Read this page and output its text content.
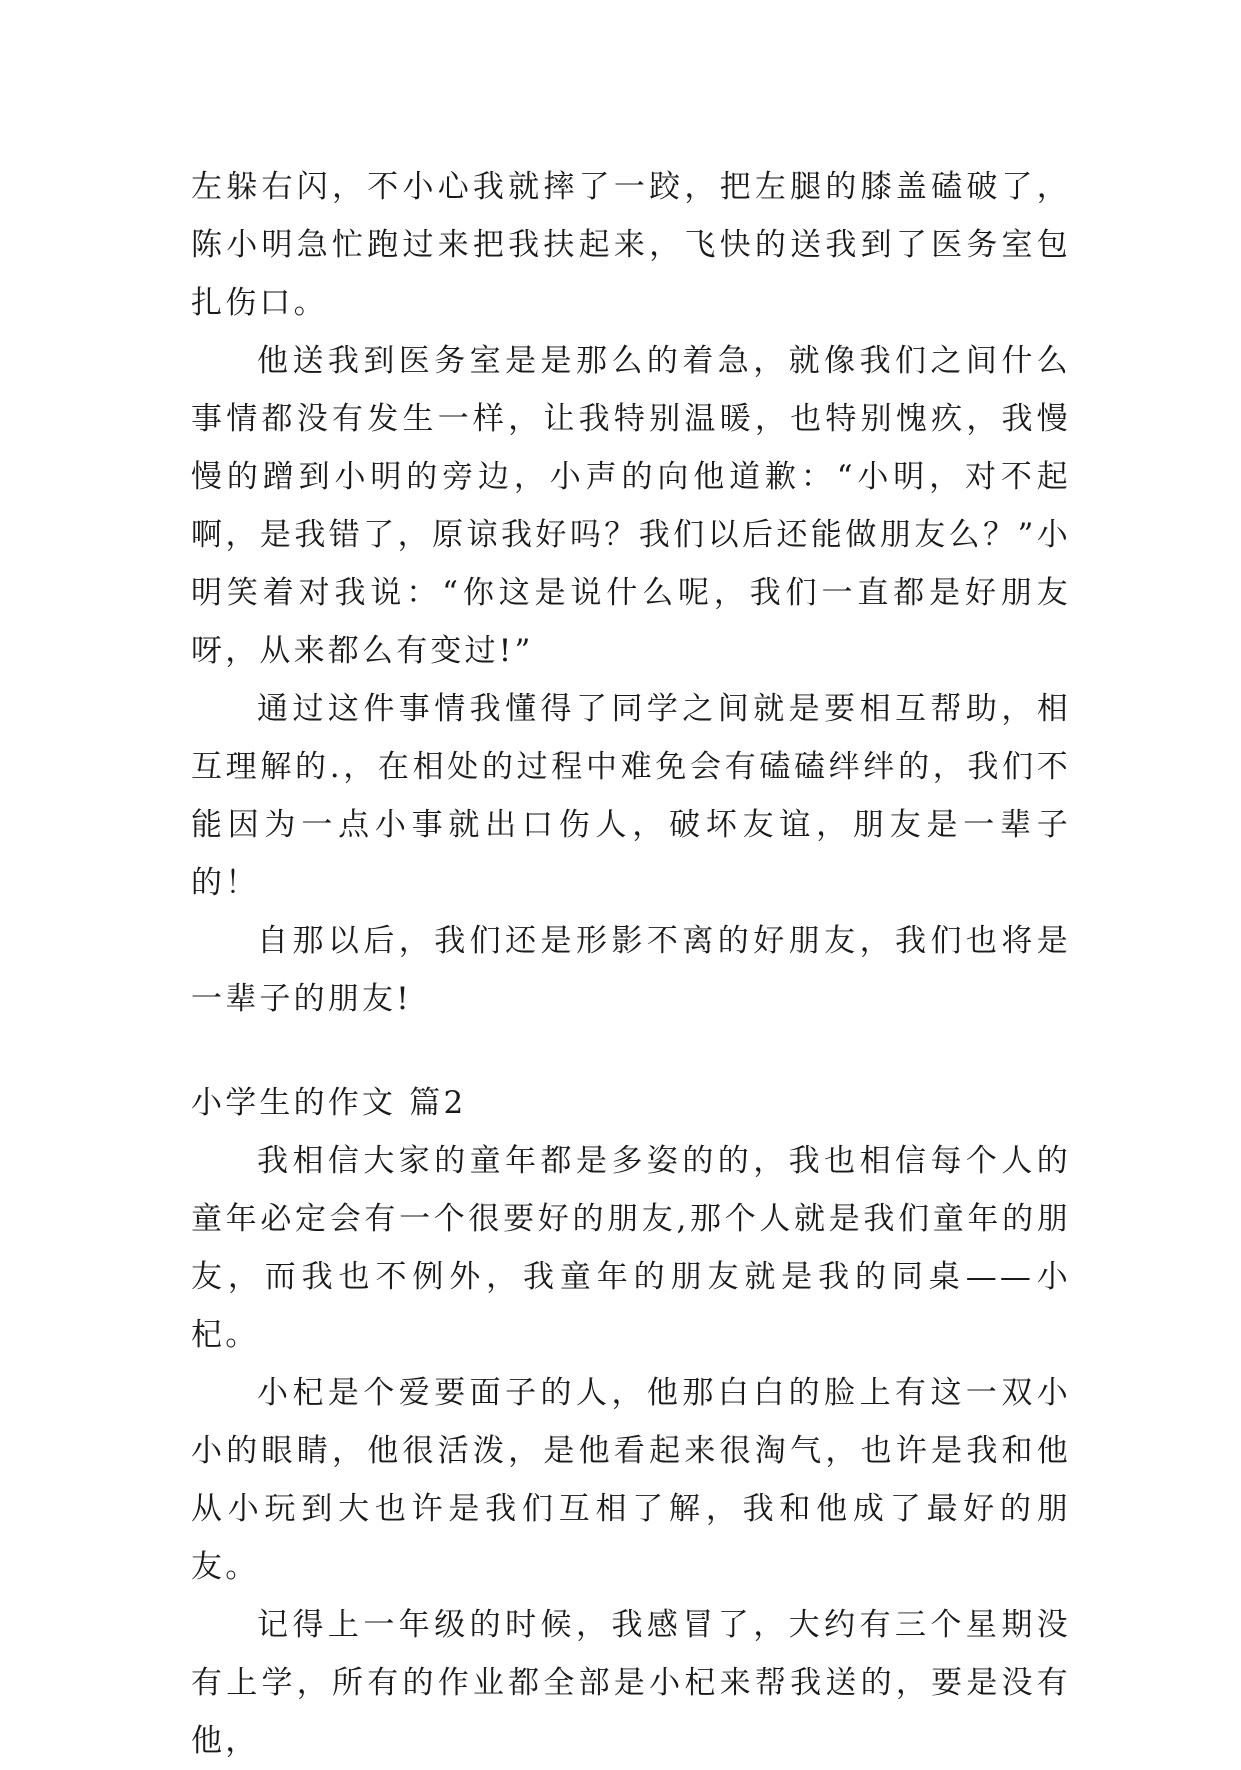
左躲右闪，不小心我就摔了一跤，把左腿的膝盖磕破了，陈小明急忙跑过来把我扶起来，飞快的送我到了医务室包扎伤口。

他送我到医务室是是那么的着急，就像我们之间什么事情都没有发生一样，让我特别温暖，也特别愧疚，我慢慢的蹭到小明的旁边，小声的向他道歉：“小明，对不起啊，是我错了，原谅我好吗？我们以后还能做朋友么？”小明笑着对我说：“你这是说什么呢，我们一直都是好朋友呀，从来都么有变过!”

通过这件事情我懂得了同学之间就是要相互帮助，相互理解的.，在相处的过程中难免会有磕磕绊绊的，我们不能因为一点小事就出口伤人，破坏友谊，朋友是一辈子的！

自那以后，我们还是形影不离的好朋友，我们也将是一辈子的朋友!

小学生的作文 篇2

我相信大家的童年都是多姿的的，我也相信每个人的童年必定会有一个很要好的朋友,那个人就是我们童年的朋友，而我也不例外，我童年的朋友就是我的同桌——小杞。

小杞是个爱要面子的人，他那白白的脸上有这一双小小的眼睛，他很活泼，是他看起来很淘气，也许是我和他从小玩到大也许是我们互相了解，我和他成了最好的朋友。

记得上一年级的时候，我感冒了，大约有三个星期没有上学，所有的作业都全部是小杞来帮我送的，要是没有他，
